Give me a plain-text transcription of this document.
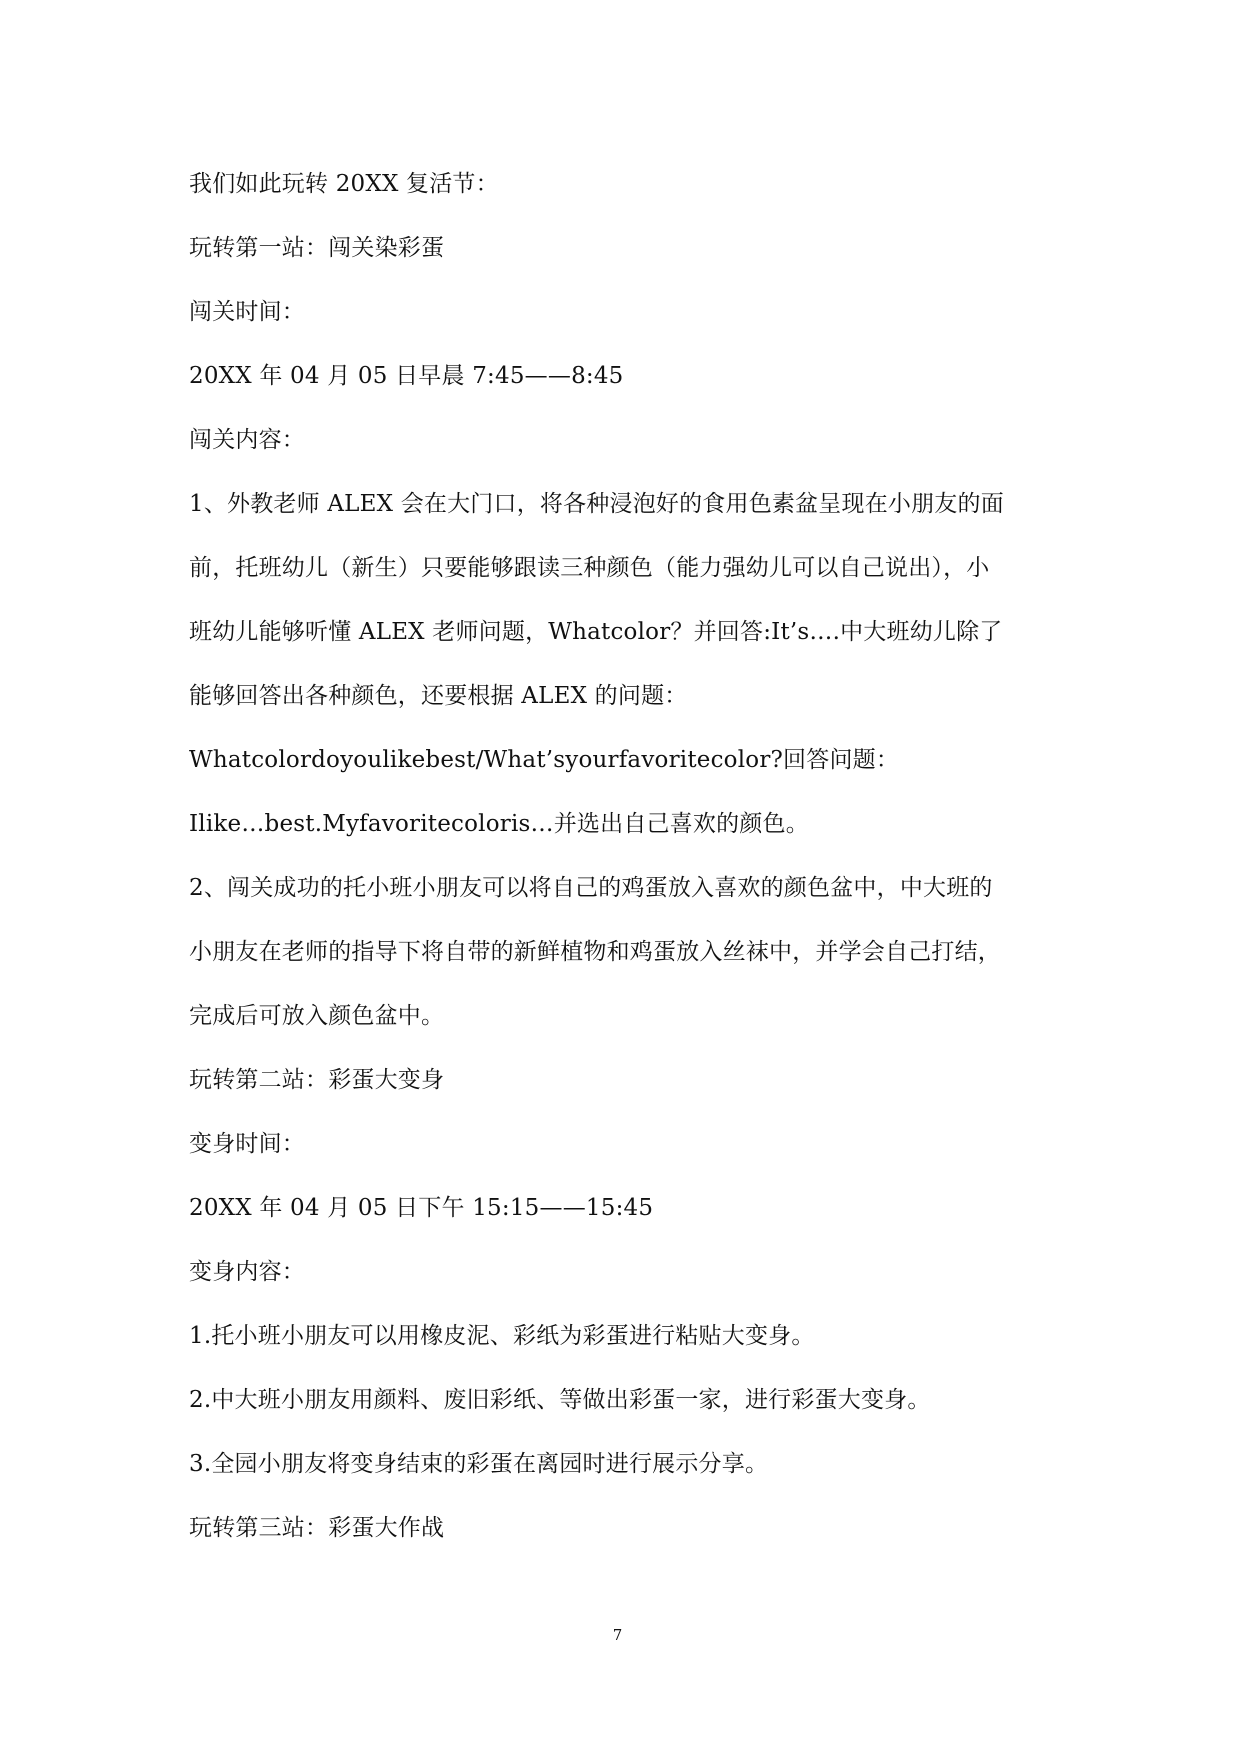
我们如此玩转 20XX 复活节：
玩转第一站：闯关染彩蛋
闯关时间：
20XX 年 04 月 05 日早晨 7:45——8:45
闯关内容：
1、外教老师 ALEX 会在大门口，将各种浸泡好的食用色素盆呈现在小朋友的面
前，托班幼儿（新生）只要能够跟读三种颜色（能力强幼儿可以自己说出），小
班幼儿能够听懂 ALEX 老师问题，Whatcolor？并回答:It’s….中大班幼儿除了
能够回答出各种颜色，还要根据 ALEX 的问题：
Whatcolordoyoulikebest/What’syourfavoritecolor?回答问题：
Ilike…best.Myfavoritecoloris…并选出自己喜欢的颜色。
2、闯关成功的托小班小朋友可以将自己的鸡蛋放入喜欢的颜色盆中，中大班的
小朋友在老师的指导下将自带的新鲜植物和鸡蛋放入丝袜中，并学会自己打结，
完成后可放入颜色盆中。
玩转第二站：彩蛋大变身
变身时间：
20XX 年 04 月 05 日下午 15:15——15:45
变身内容：
1.托小班小朋友可以用橡皮泥、彩纸为彩蛋进行粘贴大变身。
2.中大班小朋友用颜料、废旧彩纸、等做出彩蛋一家，进行彩蛋大变身。
3.全园小朋友将变身结束的彩蛋在离园时进行展示分享。
玩转第三站：彩蛋大作战
7
